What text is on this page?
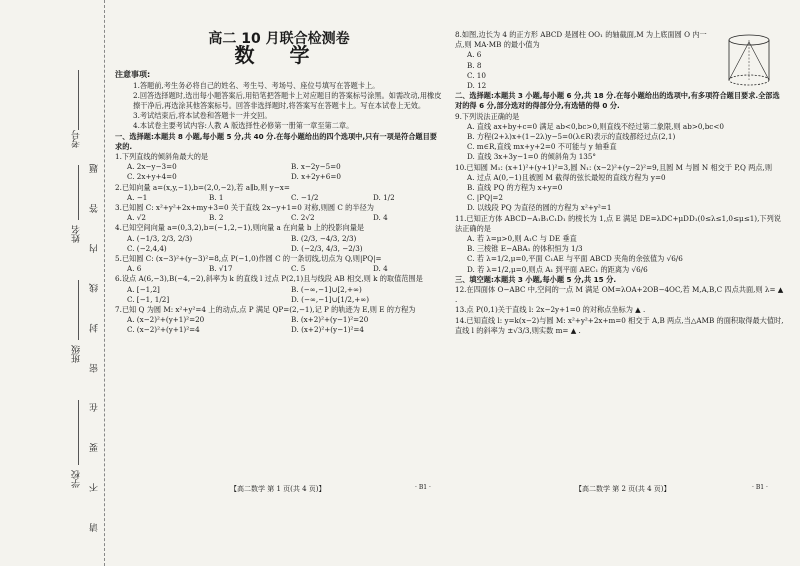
考号
姓名
班级
学校 请 不 要 在 密 封 线 内 答 题
高二 10 月联合检测卷
数 学
注意事项:

1.答题前,考生务必将自己的姓名、考生号、考场号、座位号填写在答题卡上。

2.回答选择题时,选出每小题答案后,用铅笔把答题卡上对应题目的答案标号涂黑。如需改动,用橡皮擦干净后,再选涂其他答案标号。回答非选择题时,将答案写在答题卡上。写在本试卷上无效。

3.考试结束后,将本试卷和答题卡一并交回。

4.本试卷主要考试内容:人教 A 版选择性必修第一册第一章至第二章。

一、选择题:本题共 8 小题,每小题 5 分,共 40 分.在每小题给出的四个选项中,只有一项是符合题目要求的.

1.下列直线的倾斜角最大的是

A. 2x−y−3=0	B. x−2y−5=0
C. 2x+y+4=0	D. x+2y+6=0

2.已知向量 a=(x,y,−1),b=(2,0,−2),若 a∥b,则 y−x=

A. −1	B. 1	C. −1/2	D. 1/2

3.已知圆 C: x²+y²+2x+my+3=0 关于直线 2x−y+1=0 对称,则圆 C 的半径为

A. √2	B. 2	C. 2√2	D. 4

4.已知空间向量 a=(0,3,2),b=(−1,2,−1),则向量 a 在向量 b 上的投影向量是

A. (−1/3, 2/3, 2/3)	B. (2/3, −4/3, 2/3)
C. (−2,4,4)	D. (−2/3, 4/3, −2/3)

5.已知圆 C: (x−3)²+(y−3)²=8,点 P(−1,0)作圆 C 的一条切线,切点为 Q,则|PQ|=

A. 6	B. √17	C. 5	D. 4

6.设点 A(6,−3),B(−4,−2),斜率为 k 的直线 l 过点 P(2,1)且与线段 AB 相交,则 k 的取值范围是

A. [−1,2]	B. (−∞,−1]∪[2,+∞)
C. [−1, 1/2]	D. (−∞,−1]∪[1/2,+∞)

7.已知 Q 为圆 M: x²+y²=4 上的动点,点 P 满足 QP=(2,−1),记 P 的轨迹为 E,则 E 的方程为

A. (x−2)²+(y+1)²=20	B. (x+2)²+(y−1)²=20
C. (x−2)²+(y+1)²=4	D. (x+2)²+(y−1)²=4

8.如图,边长为 4 的正方形 ABCD 是圆柱 OO₁ 的轴截面,M 为上底面圆 O 内一点,则 MA·MB 的最小值为

A. 6

B. 8

C. 10

D. 12

二、选择题:本题共 3 小题,每小题 6 分,共 18 分.在每小题给出的选项中,有多项符合题目要求.全部选对的得 6 分,部分选对的得部分分,有选错的得 0 分.

9.下列说法正确的是

A. 直线 ax+by+c=0 满足 ab<0,bc>0,则直线不经过第二象限,则 ab>0,bc<0

B. 方程(2+λ)x+(1−2λ)y−5=0(λ∈R)表示的直线都经过点(2,1)

C. m∈R,直线 mx+y+2=0 不可能与 y 轴垂直

D. 直线 3x+3y−1=0 的倾斜角为 135°

10.已知圆 M₁: (x+1)²+(y+1)²=3,圆 N₁: (x−2)²+(y−2)²=9,且圆 M 与圆 N 相交于 P,Q 两点,则

A. 过点 A(0,−1)且被圆 M 截得的弦长最短的直线方程为 y=0

B. 直线 PQ 的方程为 x+y=0

C. |PQ|=2

D. 以线段 PQ 为直径的圆的方程为 x²+y²=1

11.已知正方体 ABCD−A₁B₁C₁D₁ 的棱长为 1,点 E 满足 DE=λDC+μDD₁(0≤λ≤1,0≤μ≤1),下列说法正确的是

A. 若 λ=μ>0,则 A₁C 与 DE 垂直

B. 三棱锥 E−ABA₁ 的体积恒为 1/3

C. 若 λ=1/2,μ=0,平面 C₁AE 与平面 ABCD 夹角的余弦值为 √6/6

D. 若 λ=1/2,μ=0,则点 A₁ 到平面 AEC₁ 的距离为 √6/6

三、填空题:本题共 3 小题,每小题 5 分,共 15 分.

12.在四面体 O−ABC 中,空间的一点 M 满足 OM=λOA+2OB−4OC,若 M,A,B,C 四点共面,则 λ= ▲ .

13.点 P(0,1)关于直线 l: 2x−2y+1=0 的对称点坐标为 ▲ .

14.已知直线 l: y=k(x−2)与圆 M: x²+y²+2x+m=0 相交于 A,B 两点,当△AMB 的面积取得最大值时,直线 l 的斜率为 ±√3/3,则实数 m= ▲ .

【高二数学 第 1 页(共 4 页)】	· B1 ·	【高二数学 第 2 页(共 4 页)】	· B1 ·
